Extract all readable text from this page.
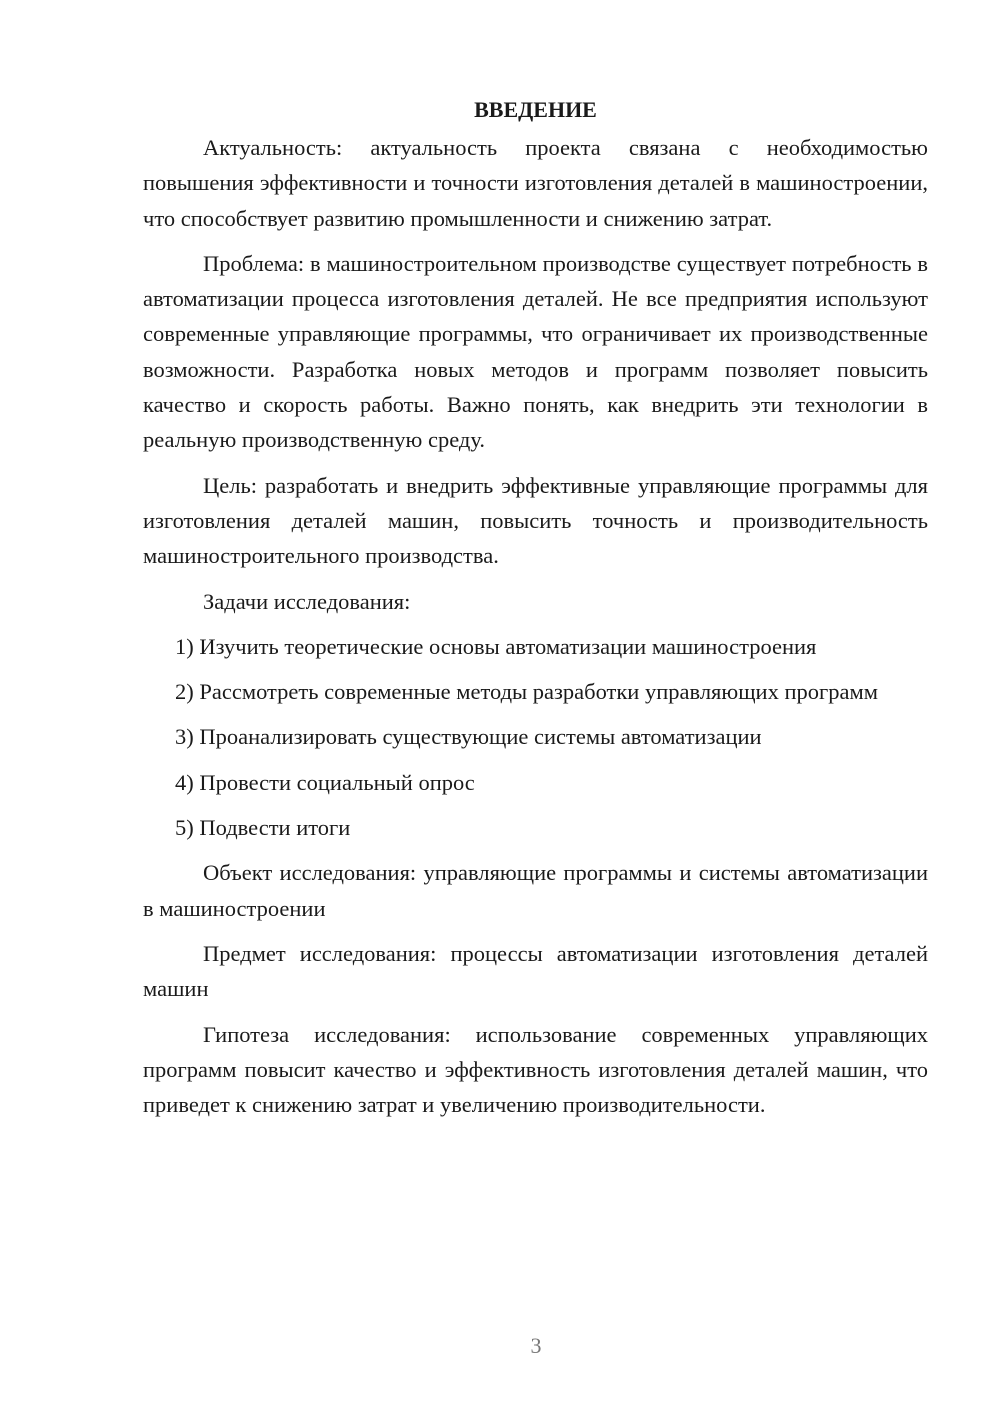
ВВЕДЕНИЕ

Актуальность: актуальность проекта связана с необходимостью повышения эффективности и точности изготовления деталей в машиностроении, что способствует развитию промышленности и снижению затрат.

Проблема: в машиностроительном производстве существует потребность в автоматизации процесса изготовления деталей. Не все предприятия используют современные управляющие программы, что ограничивает их производственные возможности. Разработка новых методов и программ позволяет повысить качество и скорость работы. Важно понять, как внедрить эти технологии в реальную производственную среду.

Цель: разработать и внедрить эффективные управляющие программы для изготовления деталей машин, повысить точность и производительность машиностроительного производства.

Задачи исследования:

1) Изучить теоретические основы автоматизации машиностроения

2) Рассмотреть современные методы разработки управляющих программ

3) Проанализировать существующие системы автоматизации

4) Провести социальный опрос

5) Подвести итоги

Объект исследования: управляющие программы и системы автоматизации в машиностроении

Предмет исследования: процессы автоматизации изготовления деталей машин

Гипотеза исследования: использование современных управляющих программ повысит качество и эффективность изготовления деталей машин, что приведет к снижению затрат и увеличению производительности.

3
